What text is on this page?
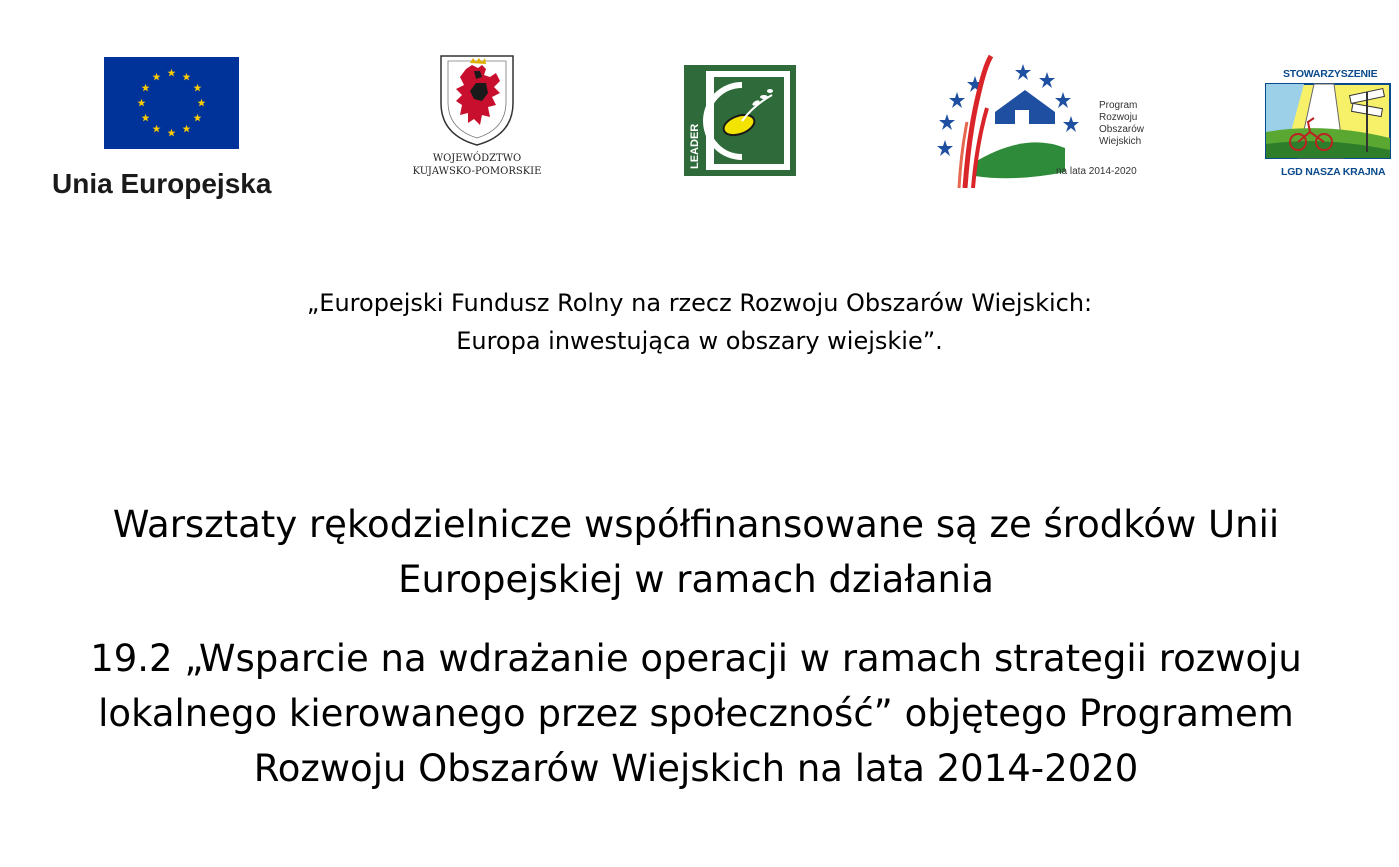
Unia Europejska
WOJEWÓDZTWO
KUJAWSKO-POMORSKIE
LEADER
Program
Rozwoju
Obszarów
Wiejskich
na lata 2014-2020
STOWARZYSZENIE
LGD NASZA KRAJNA
„Europejski Fundusz Rolny na rzecz Rozwoju Obszarów Wiejskich:
Europa inwestująca w obszary wiejskie”.
Warsztaty rękodzielnicze współfinansowane są ze środków Unii
Europejskiej w ramach działania
19.2 „Wsparcie na wdrażanie operacji w ramach strategii rozwoju
lokalnego kierowanego przez społeczność” objętego Programem
Rozwoju Obszarów Wiejskich na lata 2014-2020
